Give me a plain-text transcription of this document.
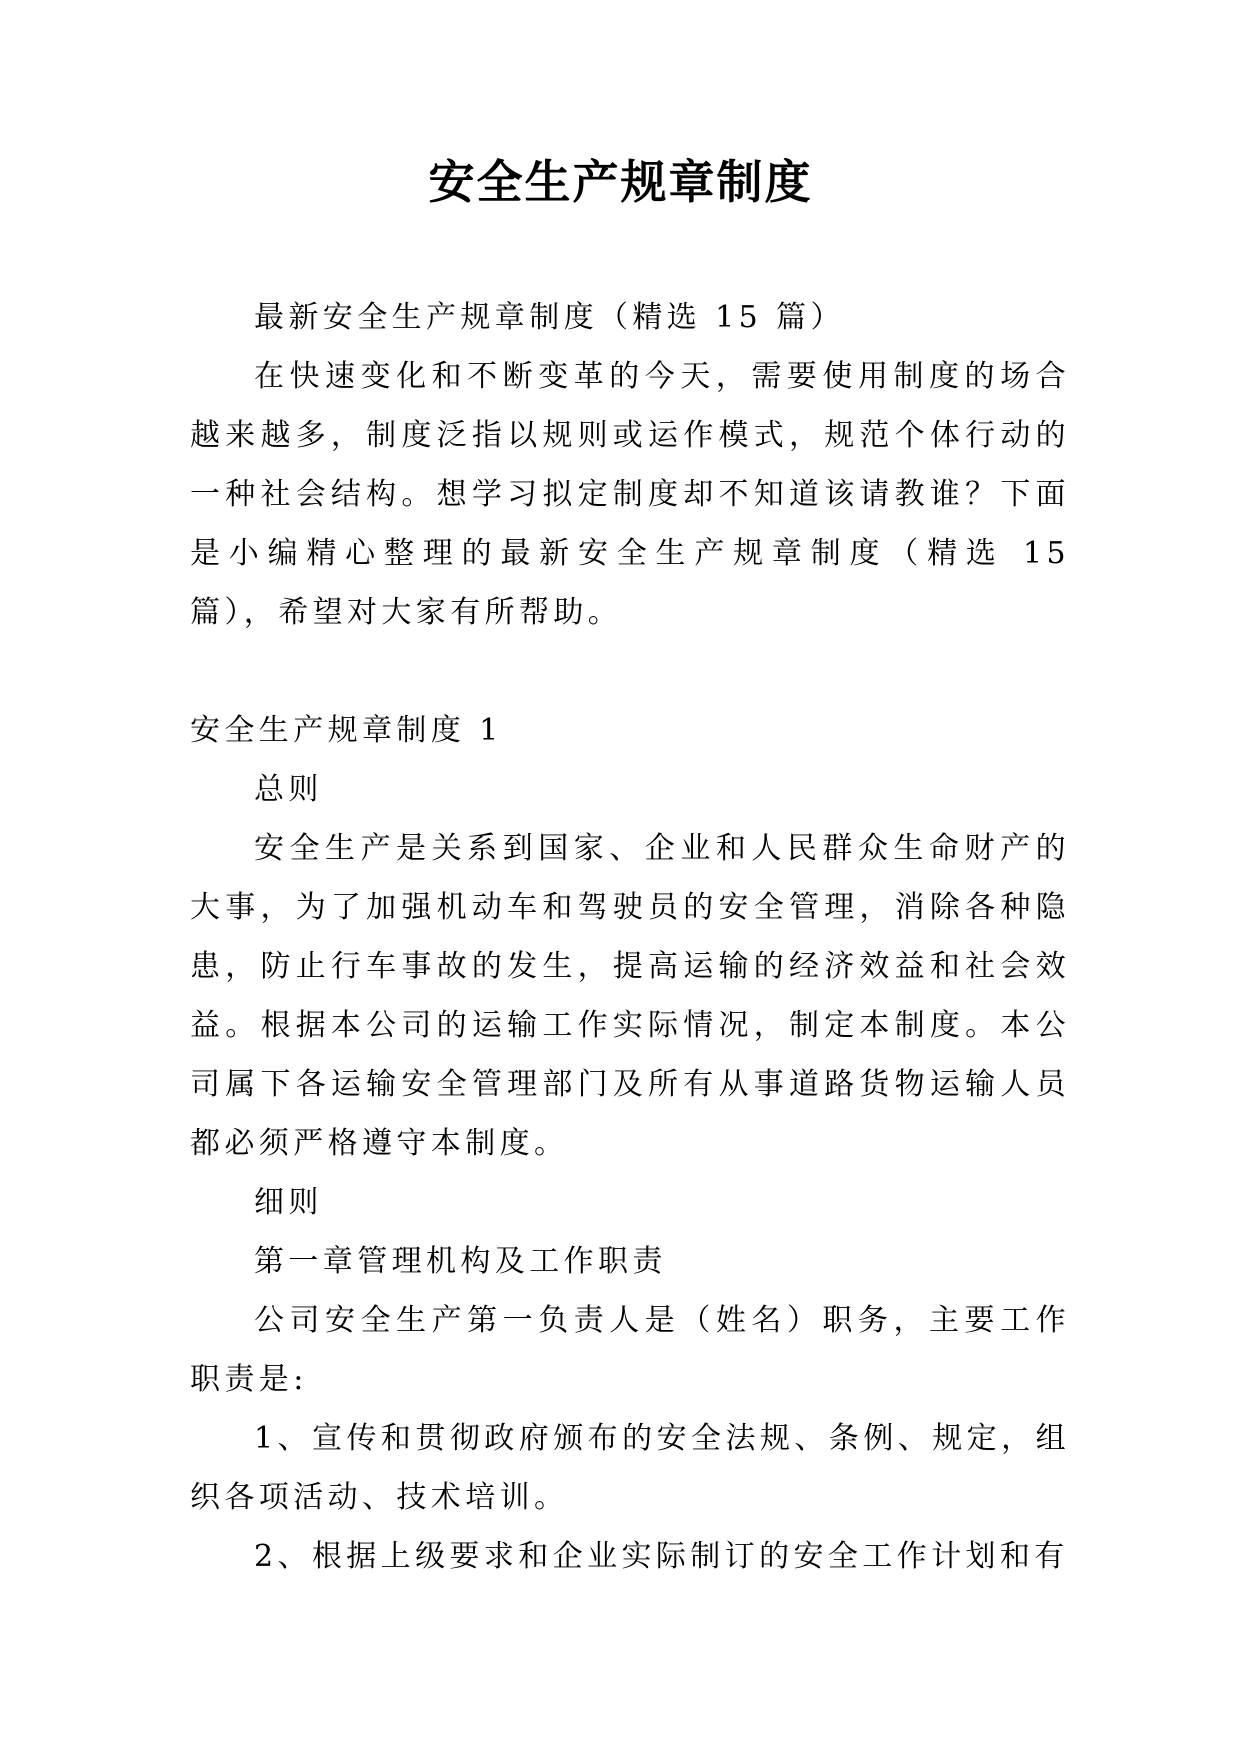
安全生产规章制度

最新安全生产规章制度（精选 15 篇）

在快速变化和不断变革的今天，需要使用制度的场合越来越多，制度泛指以规则或运作模式，规范个体行动的一种社会结构。想学习拟定制度却不知道该请教谁？下面是小编精心整理的最新安全生产规章制度（精选 15 篇），希望对大家有所帮助。

安全生产规章制度 1

总则

安全生产是关系到国家、企业和人民群众生命财产的大事，为了加强机动车和驾驶员的安全管理，消除各种隐患，防止行车事故的发生，提高运输的经济效益和社会效益。根据本公司的运输工作实际情况，制定本制度。本公司属下各运输安全管理部门及所有从事道路货物运输人员都必须严格遵守本制度。

细则

第一章管理机构及工作职责

公司安全生产第一负责人是（姓名）职务，主要工作职责是:

1、宣传和贯彻政府颁布的安全法规、条例、规定，组织各项活动、技术培训。

2、根据上级要求和企业实际制订的安全工作计划和有
